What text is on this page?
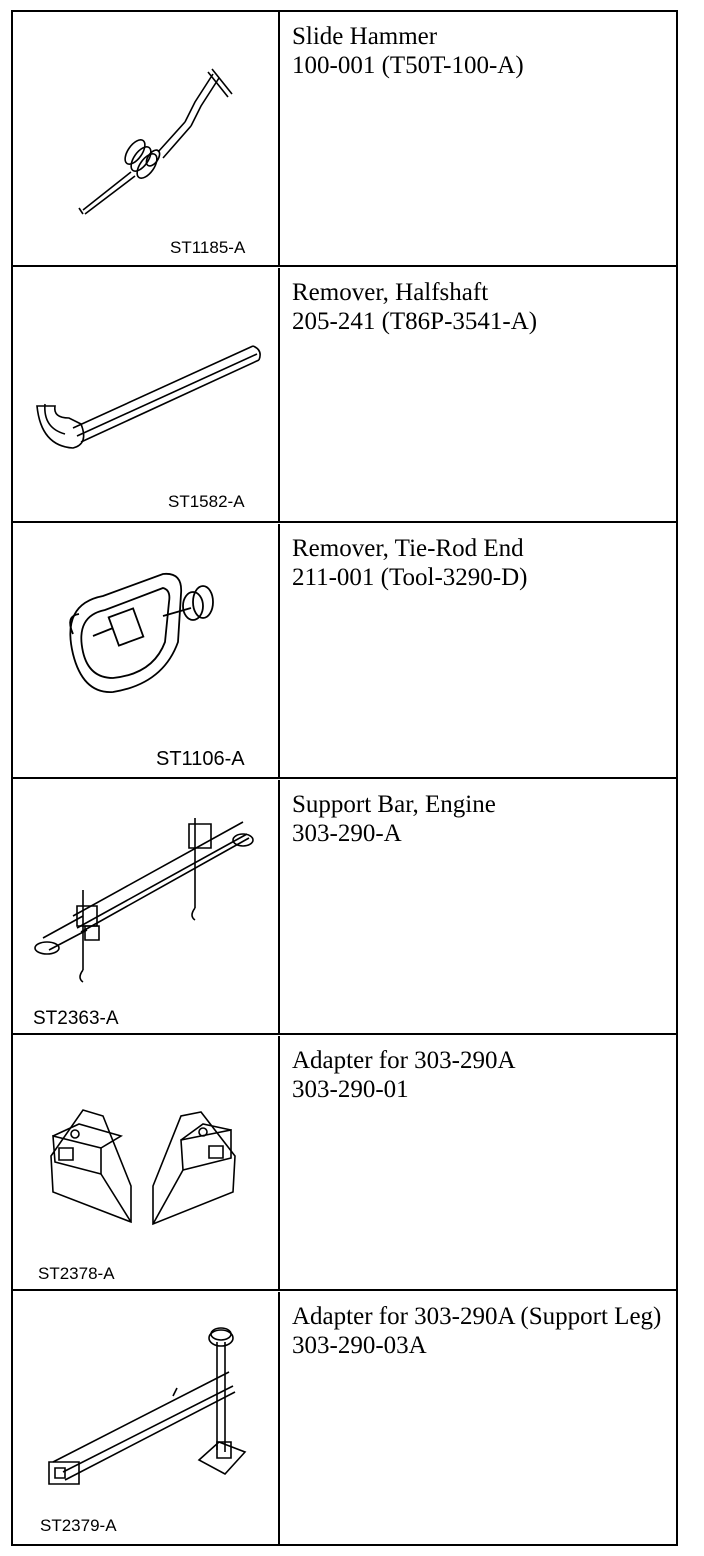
ST1185-A
Slide Hammer
100-001 (T50T-100-A)
ST1582-A
Remover, Halfshaft
205-241 (T86P-3541-A)
ST1106-A
Remover, Tie-Rod End
211-001 (Tool-3290-D)
ST2363-A
Support Bar, Engine
303-290-A
ST2378-A
Adapter for 303-290A
303-290-01
ST2379-A
Adapter for 303-290A (Support Leg)
303-290-03A
